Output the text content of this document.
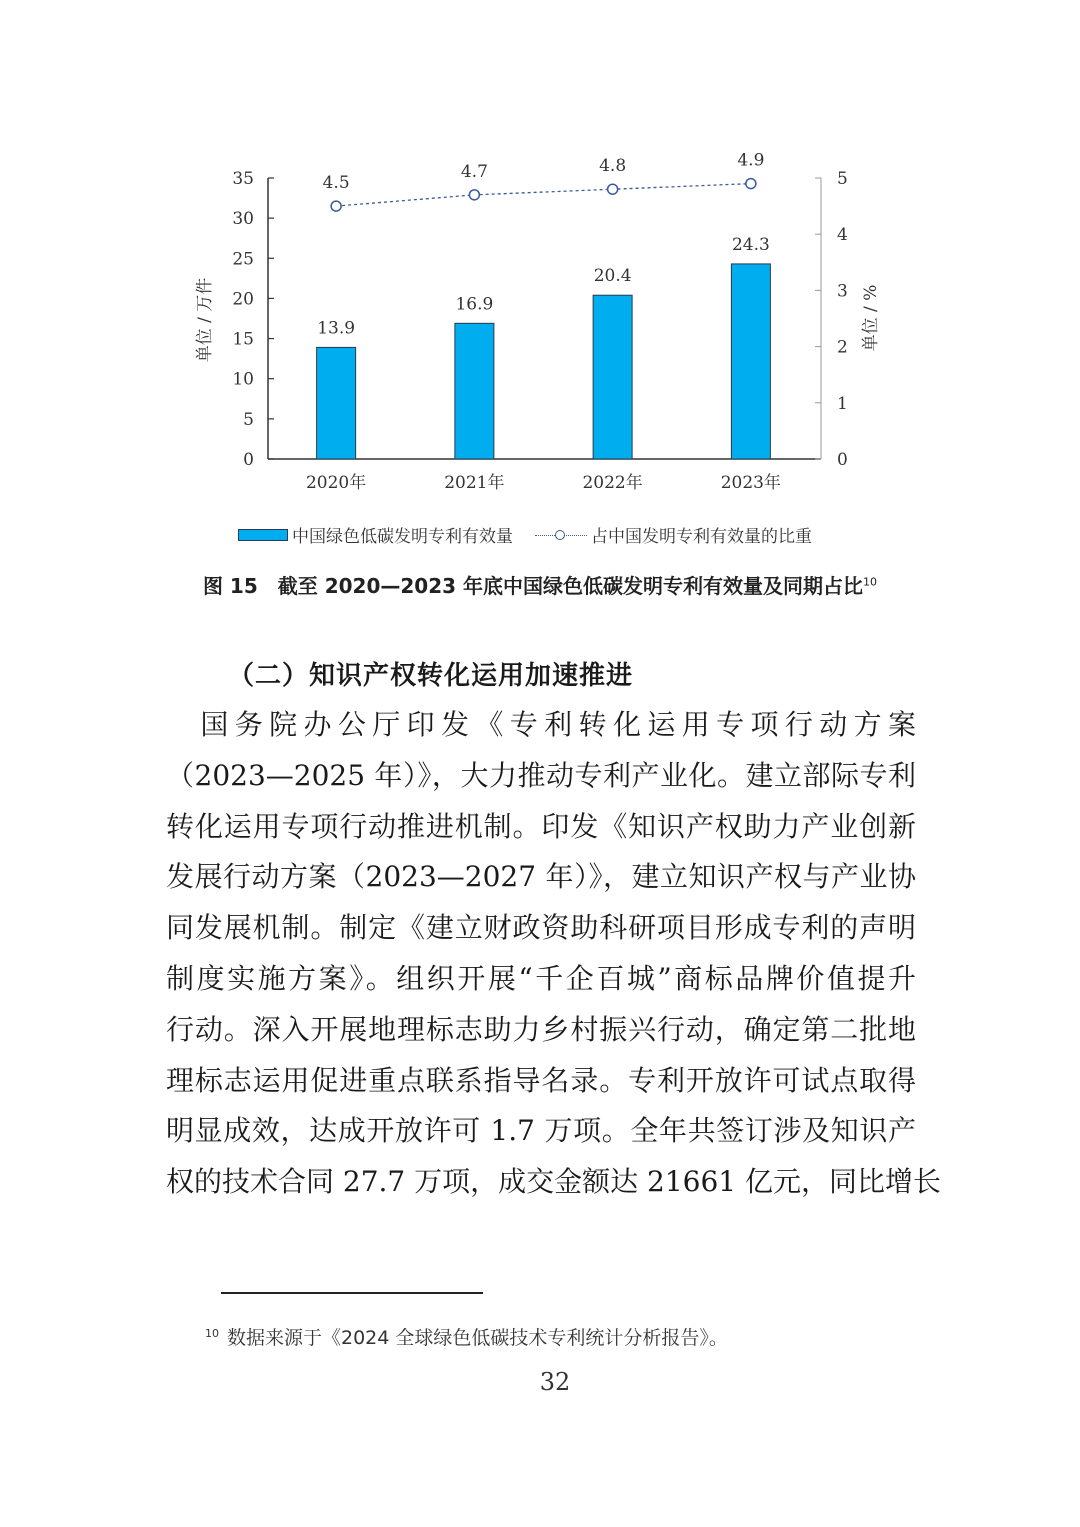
0
5
10
15
20
25
30
35
0
1
2
3
4
5
单位 / 万件	单位 / %
13.9
2020年
16.9
2021年
20.4
2022年
24.3
2023年
4.5
4.7	4.8	4.9
中国绿色低碳发明专利有效量	占中国发明专利有效量的比重
图 15　截至 2020—2023 年底中国绿色低碳发明专利有效量及同期占比$^{10}$
（二）知识产权转化运用加速推进
　国务院办公厅印发《专利转化运用专项行动方案
（2023—2025 年）》，大力推动专利产业化。建立部际专利
转化运用专项行动推进机制。印发《知识产权助力产业创新
发展行动方案（2023—2027 年）》，建立知识产权与产业协
同发展机制。制定《建立财政资助科研项目形成专利的声明
制度实施方案》。组织开展“千企百城”商标品牌价值提升
行动。深入开展地理标志助力乡村振兴行动，确定第二批地
理标志运用促进重点联系指导名录。专利开放许可试点取得
明显成效，达成开放许可 1.7 万项。全年共签订涉及知识产
权的技术合同 27.7 万项，成交金额达 21661 亿元，同比增长
$^{10}$ 数据来源于《2024 全球绿色低碳技术专利统计分析报告》。
32
